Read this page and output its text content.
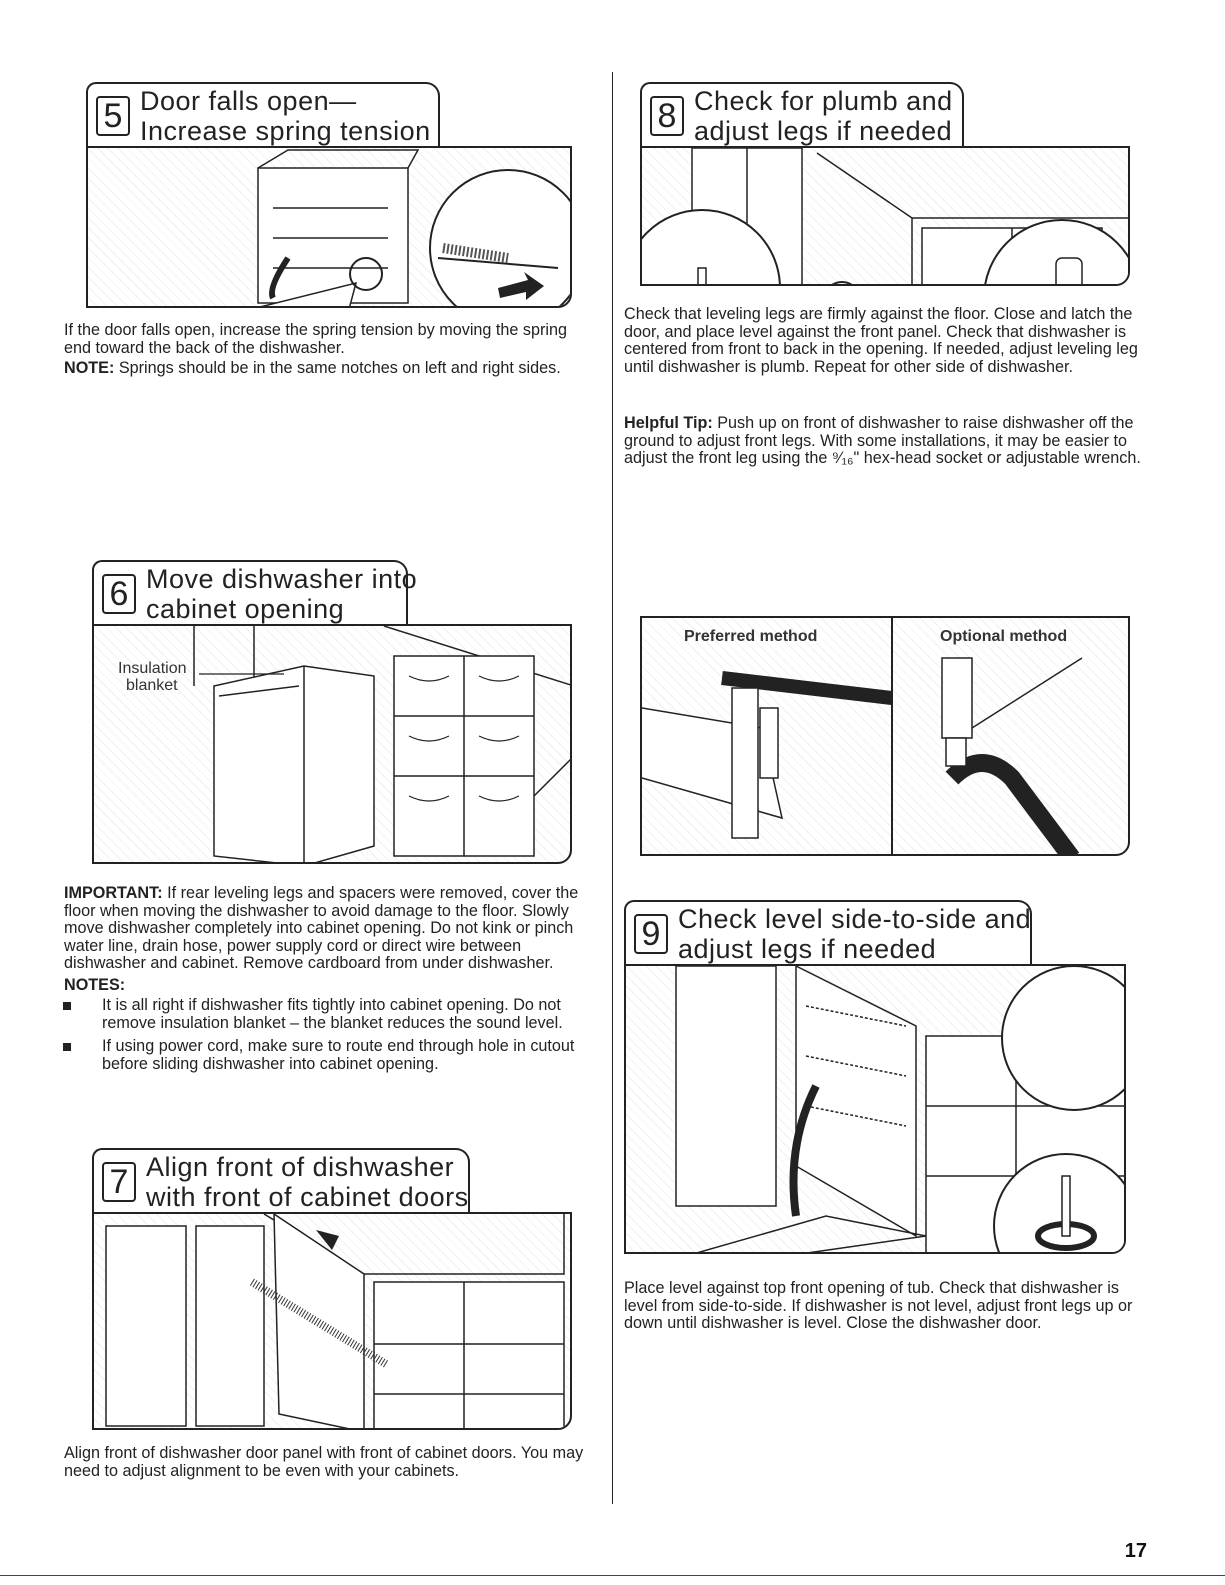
5 Door falls open—
Increase spring tension
If the door falls open, increase the spring tension by moving the spring end toward the back of the dishwasher.
NOTE: Springs should be in the same notches on left and right sides.
6 Move dishwasher into
cabinet opening
Insulation
blanket
IMPORTANT: If rear leveling legs and spacers were removed, cover the floor when moving the dishwasher to avoid damage to the floor. Slowly move dishwasher completely into cabinet opening. Do not kink or pinch water line, drain hose, power supply cord or direct wire between dishwasher and cabinet. Remove cardboard from under dishwasher.
NOTES:
It is all right if dishwasher fits tightly into cabinet opening. Do not remove insulation blanket – the blanket reduces the sound level.
If using power cord, make sure to route end through hole in cutout before sliding dishwasher into cabinet opening.
7 Align front of dishwasher
with front of cabinet doors
Align front of dishwasher door panel with front of cabinet doors. You may need to adjust alignment to be even with your cabinets.
8 Check for plumb and
adjust legs if needed
Check that leveling legs are firmly against the floor. Close and latch the door, and place level against the front panel. Check that dishwasher is centered from front to back in the opening. If needed, adjust leveling leg until dishwasher is plumb. Repeat for other side of dishwasher.
Helpful Tip: Push up on front of dishwasher to raise dishwasher off the ground to adjust front legs. With some installations, it may be easier to adjust the front leg using the ⁹⁄₁₆" hex-head socket or adjustable wrench.
Preferred method	Optional method
9 Check level side-to-side and
adjust legs if needed
Place level against top front opening of tub. Check that dishwasher is level from side-to-side. If dishwasher is not level, adjust front legs up or down until dishwasher is level. Close the dishwasher door.
17
